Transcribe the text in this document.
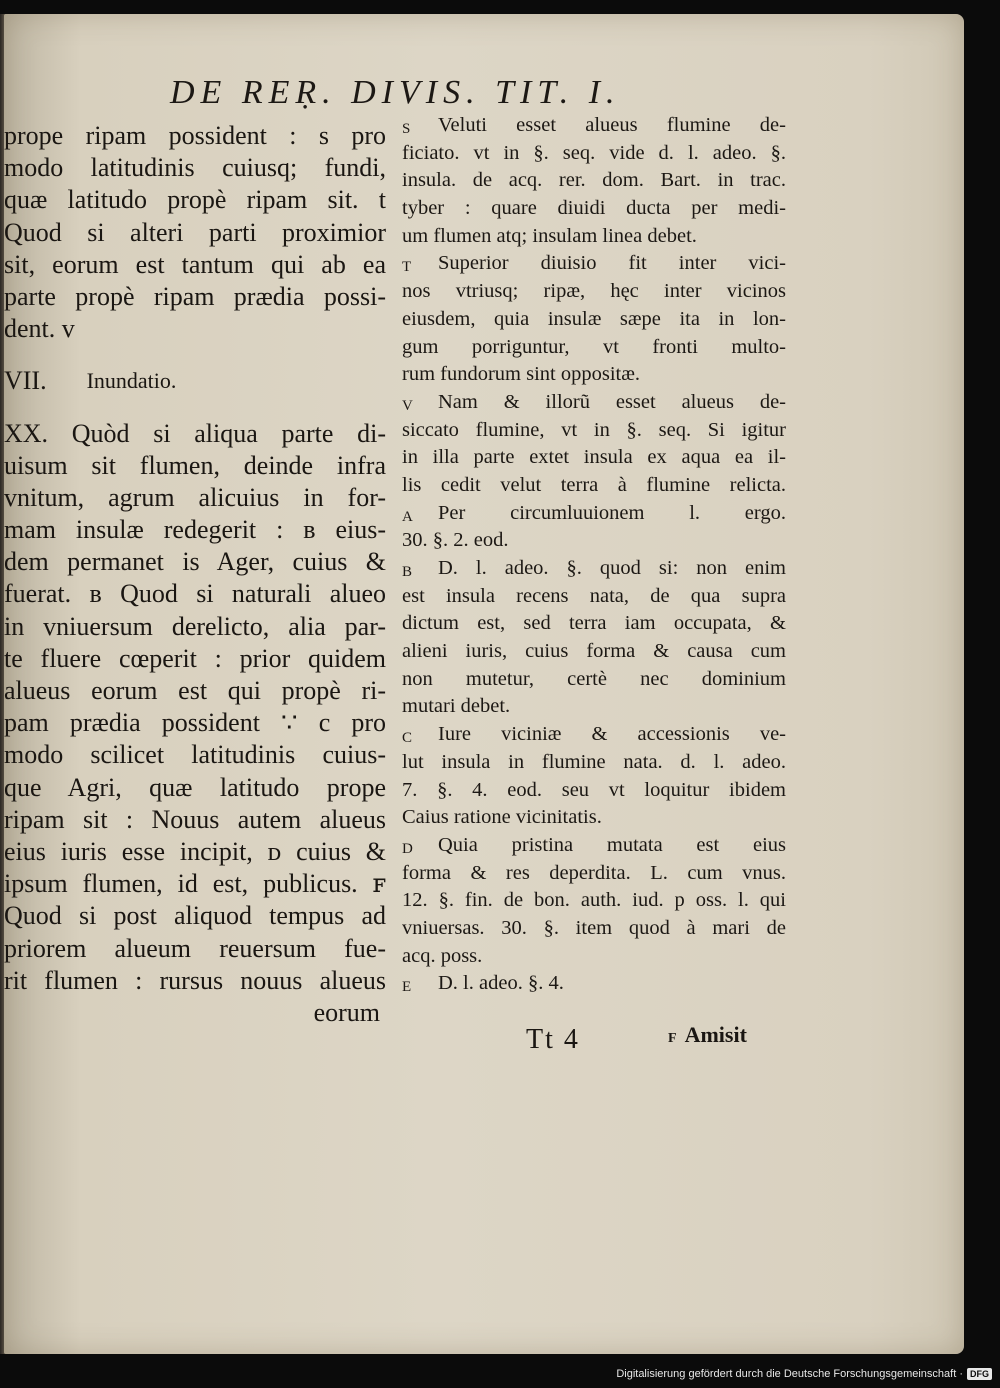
DE REṚ. DIVIS. TIT. I.
prope ripam possident : s pro
modo latitudinis cuiusq; fundi,
quæ latitudo propè ripam sit. t
Quod si alteri parti proximior
sit, eorum est tantum qui ab ea
parte propè ripam prædia possi-
dent. v
VII. Inundatio.
XX. Quòd si aliqua parte di-
uisum sit flumen, deinde infra
vnitum, agrum alicuius in for-
mam insulæ redegerit : ʙ eius-
dem permanet is Ager, cuius &
fuerat. ʙ Quod si naturali alueo
in vniuersum derelicto, alia par-
te fluere cœperit : prior quidem
alueus eorum est qui propè ri-
pam prædia possident ∵ c pro
modo scilicet latitudinis cuius-
que Agri, quæ latitudo prope
ripam sit : Nouus autem alueus
eius iuris esse incipit, ᴅ cuius &
ipsum flumen, id est, publicus. ꜰ
Quod si post aliquod tempus ad
priorem alueum reuersum fue-
rit flumen : rursus nouus alueus
eorum
S	Veluti esset alueus flumine de-
ficiato. vt in §. seq. vide d. l. adeo. §.
insula. de acq. rer. dom. Bart. in trac.
tyber : quare diuidi ducta per medi-
um flumen atq; insulam linea debet.
T	Superior diuisio fit inter vici-
nos vtriusq; ripæ, hęc inter vicinos
eiusdem, quia insulæ sæpe ita in lon-
gum porriguntur, vt fronti multo-
rum fundorum sint oppositæ.
V	Nam & illorũ esset alueus de-
siccato flumine, vt in §. seq. Si igitur
in illa parte extet insula ex aqua ea il-
lis cedit velut terra à flumine relicta.
A	Per circumluuionem l. ergo.
30. §. 2. eod.
B	D. l. adeo. §. quod si: non enim
est insula recens nata, de qua supra
dictum est, sed terra iam occupata, &
alieni iuris, cuius forma & causa cum
non mutetur, certè nec dominium
mutari debet.
C	Iure viciniæ & accessionis ve-
lut insula in flumine nata. d. l. adeo.
7. §. 4. eod. seu vt loquitur ibidem
Caius ratione vicinitatis.
D	Quia pristina mutata est eius
forma & res deperdita. L. cum vnus.
12. §. fin. de bon. auth. iud. p oss. l. qui
vniuersas. 30. §. item quod à mari de
acq. poss.
E	D. l. adeo. §. 4.
Tt 4	F Amisit
Digitalisierung gefördert durch die Deutsche Forschungsgemeinschaft · DFG
